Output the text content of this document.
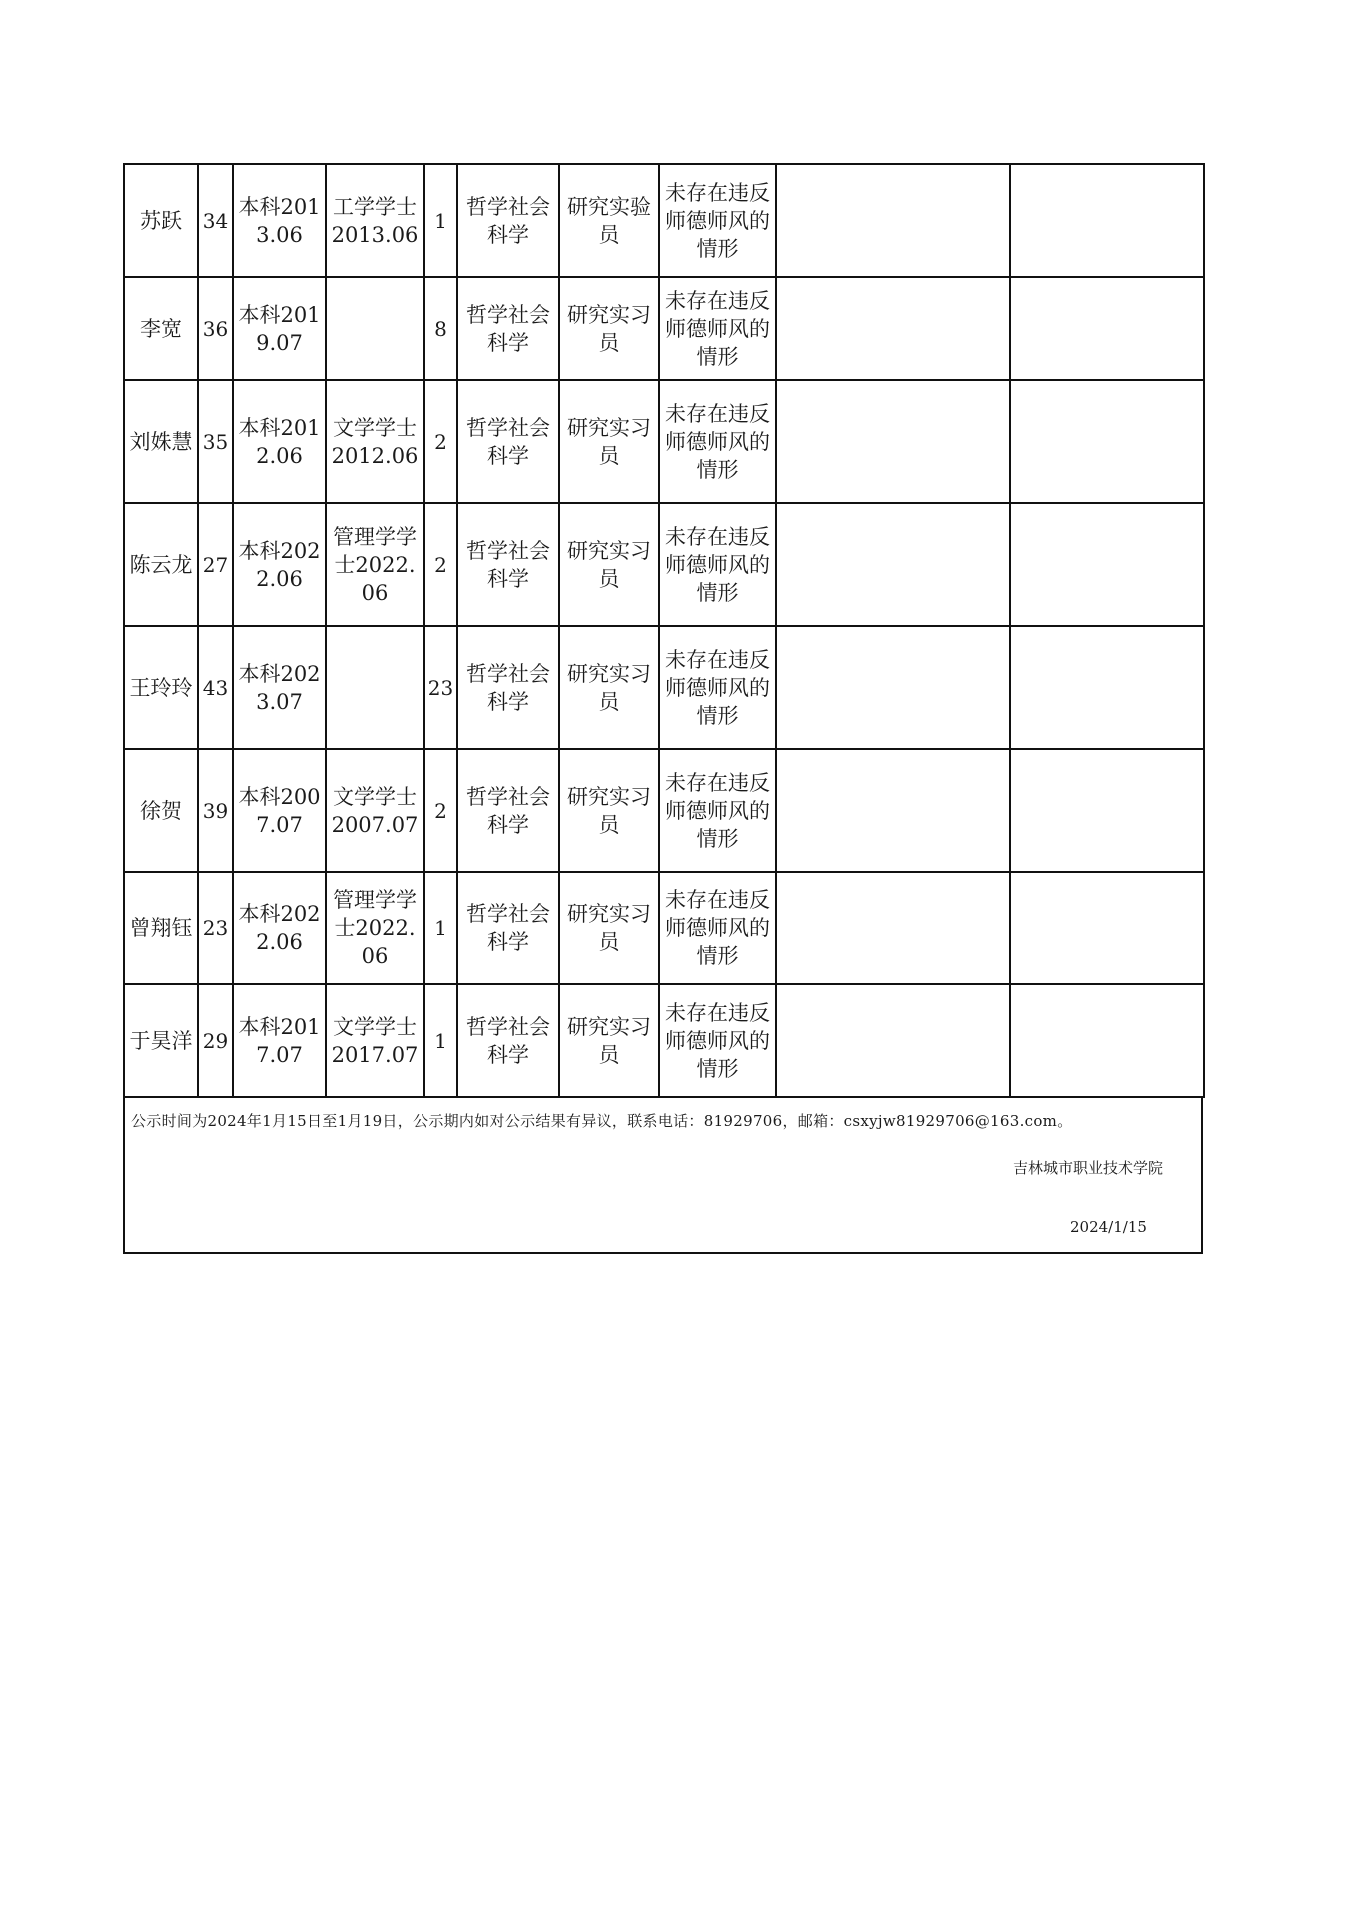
苏跃	34	本科2013.06	工学学士2013.06	1	哲学社会科学	研究实验员	未存在违反师德师风的情形		
李宽	36	本科2019.07		8	哲学社会科学	研究实习员	未存在违反师德师风的情形		
刘姝慧	35	本科2012.06	文学学士2012.06	2	哲学社会科学	研究实习员	未存在违反师德师风的情形		
陈云龙	27	本科2022.06	管理学学士2022.06	2	哲学社会科学	研究实习员	未存在违反师德师风的情形		
王玲玲	43	本科2023.07		23	哲学社会科学	研究实习员	未存在违反师德师风的情形		
徐贺	39	本科2007.07	文学学士2007.07	2	哲学社会科学	研究实习员	未存在违反师德师风的情形		
曾翔钰	23	本科2022.06	管理学学士2022.06	1	哲学社会科学	研究实习员	未存在违反师德师风的情形		
于昊洋	29	本科2017.07	文学学士2017.07	1	哲学社会科学	研究实习员	未存在违反师德师风的情形		
公示时间为2024年1月15日至1月19日，公示期内如对公示结果有异议，联系电话：81929706，邮箱：csxyjw81929706@163.com。
吉林城市职业技术学院
2024/1/15
